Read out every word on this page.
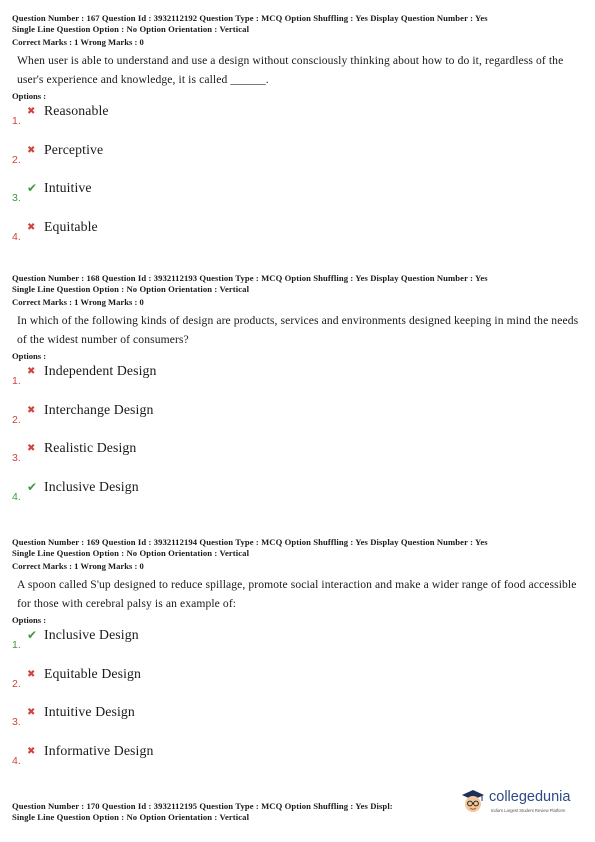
Question Number : 167 Question Id : 3932112192 Question Type : MCQ Option Shuffling : Yes Display Question Number : Yes
Single Line Question Option : No Option Orientation : Vertical
Correct Marks : 1 Wrong Marks : 0
When user is able to understand and use a design without consciously thinking about how to do it, regardless of the user's experience and knowledge, it is called ______.
Options :
1.
✖ Reasonable
2.
✖ Perceptive
3.
✔ Intuitive
4.
✖ Equitable
Question Number : 168 Question Id : 3932112193 Question Type : MCQ Option Shuffling : Yes Display Question Number : Yes
Single Line Question Option : No Option Orientation : Vertical
Correct Marks : 1 Wrong Marks : 0
In which of the following kinds of design are products, services and environments designed keeping in mind the needs of the widest number of consumers?
Options :
1.
✖ Independent Design
2.
✖ Interchange Design
3.
✖ Realistic Design
4.
✔ Inclusive Design
Question Number : 169 Question Id : 3932112194 Question Type : MCQ Option Shuffling : Yes Display Question Number : Yes
Single Line Question Option : No Option Orientation : Vertical
Correct Marks : 1 Wrong Marks : 0
A spoon called S'up designed to reduce spillage, promote social interaction and make a wider range of food accessible for those with cerebral palsy is an example of:
Options :
1.
✔ Inclusive Design
2.
✖ Equitable Design
3.
✖ Intuitive Design
4.
✖ Informative Design
Question Number : 170 Question Id : 3932112195 Question Type : MCQ Option Shuffling : Yes Displ:
Single Line Question Option : No Option Orientation : Vertical
collegedunia
India's Largest Student Review Platform
